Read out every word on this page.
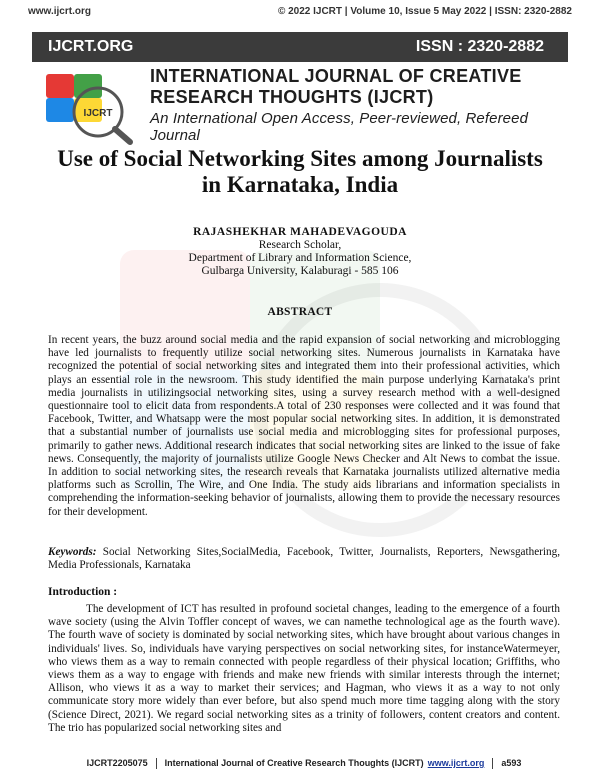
www.ijcrt.org	© 2022 IJCRT | Volume 10, Issue 5 May 2022 | ISSN: 2320-2882
IJCRT.ORG	ISSN : 2320-2882
IJCRT
INTERNATIONAL JOURNAL OF CREATIVE
RESEARCH THOUGHTS (IJCRT)
An International Open Access, Peer-reviewed, Refereed Journal
Use of Social Networking Sites among Journalists
in Karnataka, India
RAJASHEKHAR MAHADEVAGOUDA
Research Scholar,
Department of Library and Information Science,
Gulbarga University, Kalaburagi - 585 106
ABSTRACT
In recent years, the buzz around social media and the rapid expansion of social networking and microblogging have led journalists to frequently utilize social networking sites. Numerous journalists in Karnataka have recognized the potential of social networking sites and integrated them into their professional activities, which plays an essential role in the newsroom. This study identified the main purpose underlying Karnataka's print media journalists in utilizingsocial networking sites, using a survey research method with a well-designed questionnaire tool to elicit data from respondents.A total of 230 responses were collected and it was found that Facebook, Twitter, and Whatsapp were the most popular social networking sites. In addition, it is demonstrated that a substantial number of journalists use social media and microblogging sites for professional purposes, primarily to gather news. Additional research indicates that social networking sites are linked to the issue of fake news. Consequently, the majority of journalists utilize Google News Checker and Alt News to combat the issue. In addition to social networking sites, the research reveals that Karnataka journalists utilized alternative media platforms such as Scrollin, The Wire, and One India. The study aids librarians and information specialists in comprehending the information-seeking behavior of journalists, allowing them to provide the necessary resources for their development.
Keywords: Social Networking Sites,SocialMedia, Facebook, Twitter, Journalists, Reporters, Newsgathering, Media Professionals, Karnataka
Introduction :

The development of ICT has resulted in profound societal changes, leading to the emergence of a fourth wave society (using the Alvin Toffler concept of waves, we can namethe technological age as the fourth wave). The fourth wave of society is dominated by social networking sites, which have brought about various changes in individuals' lives. So, individuals have varying perspectives on social networking sites, for instanceWatermeyer, who views them as a way to remain connected with people regardless of their physical location; Griffiths, who views them as a way to engage with friends and make new friends with similar interests through the internet; Allison, who views it as a way to market their services; and Hagman, who views it as a way to not only communicate story more widely than ever before, but also spend much more time tagging along with the story (Science Direct, 2021). We regard social networking sites as a trinity of followers, content creators and content. The trio has popularized social networking sites and

IJCRT2205075 International Journal of Creative Research Thoughts (IJCRT) www.ijcrt.org a593
